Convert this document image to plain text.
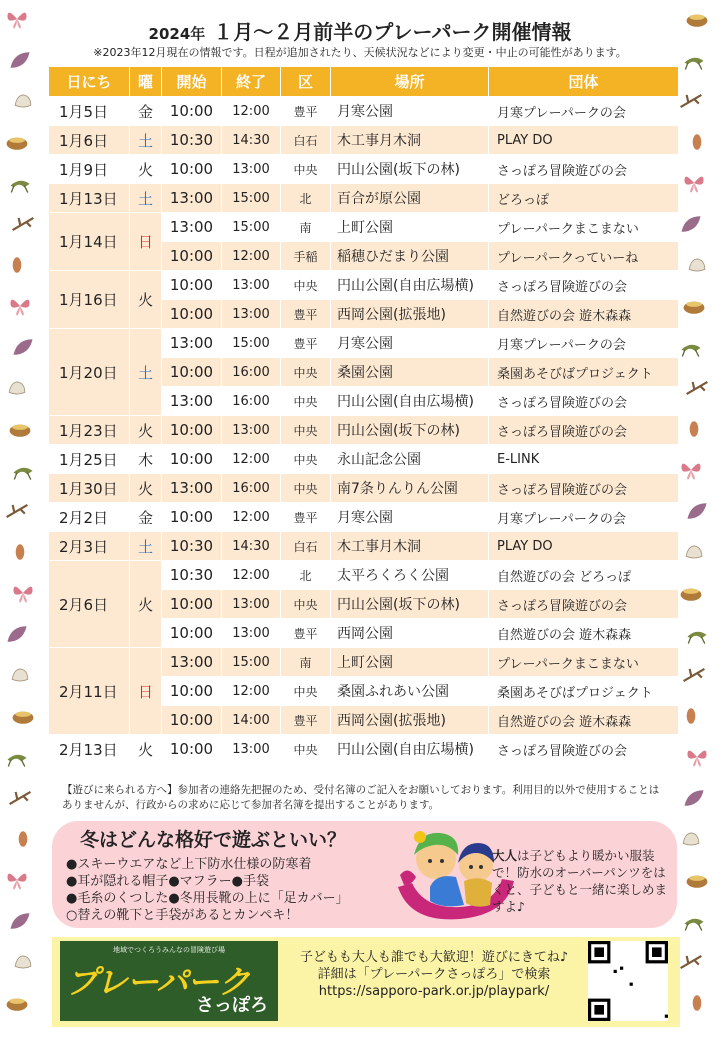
2024年 １月～２月前半のプレーパーク開催情報
※2023年12月現在の情報です。日程が追加されたり、天候状況などにより変更・中止の可能性があります。
日にち	曜	開始	終了	区	場所	団体
1月5日	金	10:00	12:00	豊平	月寒公園	月寒プレーパークの会
1月6日	土	10:30	14:30	白石	木工事月木洞	PLAY DO
1月9日	火	10:00	13:00	中央	円山公園(坂下の林)	さっぽろ冒険遊びの会
1月13日	土	13:00	15:00	北	百合が原公園	どろっぽ
1月14日	日	13:00	15:00	南	上町公園	プレーパークまこまない
		10:00	12:00	手稲	稲穂ひだまり公園	プレーパークっていーね
1月16日	火	10:00	13:00	中央	円山公園(自由広場横)	さっぽろ冒険遊びの会
		10:00	13:00	豊平	西岡公園(拡張地)	自然遊びの会 遊木森森
1月20日	土	13:00	15:00	豊平	月寒公園	月寒プレーパークの会
		10:00	16:00	中央	桑園公園	桑園あそびばプロジェクト
		13:00	16:00	中央	円山公園(自由広場横)	さっぽろ冒険遊びの会
1月23日	火	10:00	13:00	中央	円山公園(坂下の林)	さっぽろ冒険遊びの会
1月25日	木	10:00	12:00	中央	永山記念公園	E-LINK
1月30日	火	13:00	16:00	中央	南7条りんりん公園	さっぽろ冒険遊びの会
2月2日	金	10:00	12:00	豊平	月寒公園	月寒プレーパークの会
2月3日	土	10:30	14:30	白石	木工事月木洞	PLAY DO
2月6日	火	10:30	12:00	北	太平ろくろく公園	自然遊びの会 どろっぽ
		10:00	13:00	中央	円山公園(坂下の林)	さっぽろ冒険遊びの会
		10:00	13:00	豊平	西岡公園	自然遊びの会 遊木森森
2月11日	日	13:00	15:00	南	上町公園	プレーパークまこまない
		10:00	12:00	中央	桑園ふれあい公園	桑園あそびばプロジェクト
		10:00	14:00	豊平	西岡公園(拡張地)	自然遊びの会 遊木森森
2月13日	火	10:00	13:00	中央	円山公園(自由広場横)	さっぽろ冒険遊びの会
【遊びに来られる方へ】参加者の連絡先把握のため、受付名簿のご記入をお願いしております。利用目的以外で使用することはありませんが、行政からの求めに応じて参加者名簿を提出することがあります。
冬はどんな格好で遊ぶといい？
●スキーウエアなど上下防水仕様の防寒着
●耳が隠れる帽子●マフラー●手袋
●毛糸のくつした●冬用長靴の上に「足カバー」
○替えの靴下と手袋があるとカンペキ！
大人は子どもより暖かい服装で！防水のオーバーパンツをはくと、子どもと一緒に楽しめますよ♪
地域でつくろうみんなの冒険遊び場
プレーパーク
さっぽろ
子どもも大人も誰でも大歓迎！遊びにきてね♪
詳細は「プレーパークさっぽろ」で検索
https://sapporo-park.or.jp/playpark/
